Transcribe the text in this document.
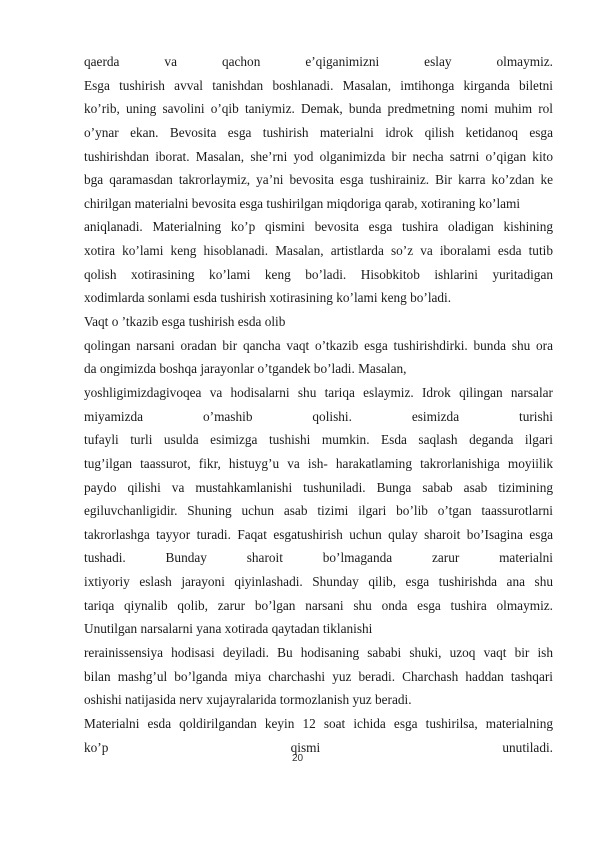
qaerda va qachon e’qiganimizni eslay olmaymiz.
Esga tushirish avval tanishdan boshlanadi. Masalan, imtihonga kirganda biletni
ko’rib, uning savolini o’qib taniymiz. Demak, bunda predmetning nomi muhim rol
o’ynar ekan. Bevosita esga tushirish materialni idrok qilish ketidanoq esga
tushirishdan iborat. Masalan, she’rni yod olganimizda bir necha satrni o’qigan kito
bga qaramasdan takrorlaymiz, ya’ni bevosita esga tushirainiz. Bir karra ko’zdan ke
chirilgan materialni bevosita esga tushirilgan miqdoriga qarab, xotiraning ko’lami
aniqlanadi. Materialning ko’p qismini bevosita esga tushira oladigan kishining
xotira ko’lami keng hisoblanadi. Masalan, artistlarda so’z va iboralami esda tutib
qolish xotirasining ko’lami keng bo’ladi. Hisobkitob ishlarini yuritadigan
xodimlarda sonlami esda tushirish xotirasining ko’lami keng bo’ladi.
Vaqt o ’tkazib esga tushirish esda olib
qolingan narsani oradan bir qancha vaqt o’tkazib esga tushirishdirki. bunda shu ora
da ongimizda boshqa jarayonlar o’tgandek bo’ladi. Masalan,
yoshligimizdagivoqea va hodisalarni shu tariqa eslaymiz. Idrok qilingan narsalar
miyamizda o’mashib qolishi. esimizda turishi
tufayli turli usulda esimizga tushishi mumkin. Esda saqlash deganda ilgari
tug’ilgan taassurot, fikr, histuyg’u va ish- harakatlaming takrorlanishiga moyiilik
paydo qilishi va mustahkamlanishi tushuniladi. Bunga sabab asab tizimining
egiluvchanligidir. Shuning uchun asab tizimi ilgari bo’lib o’tgan taassurotlarni
takrorlashga tayyor turadi. Faqat esgatushirish uchun qulay sharoit bo’Isagina esga
tushadi. Bunday sharoit bo’lmaganda zarur materialni
ixtiyoriy eslash jarayoni qiyinlashadi. Shunday qilib, esga tushirishda ana shu
tariqa qiynalib qolib, zarur bo’lgan narsani shu onda esga tushira olmaymiz.
Unutilgan narsalarni yana xotirada qaytadan tiklanishi
rerainissensiya hodisasi deyiladi. Bu hodisaning sababi shuki, uzoq vaqt bir ish
bilan mashg’ul bo’lganda miya charchashi yuz beradi. Charchash haddan tashqari
oshishi natijasida nerv xujayralarida tormozlanish yuz beradi.
Materialni esda qoldirilgandan keyin 12 soat ichida esga tushirilsa, materialning
ko’p qismi unutiladi.
20
